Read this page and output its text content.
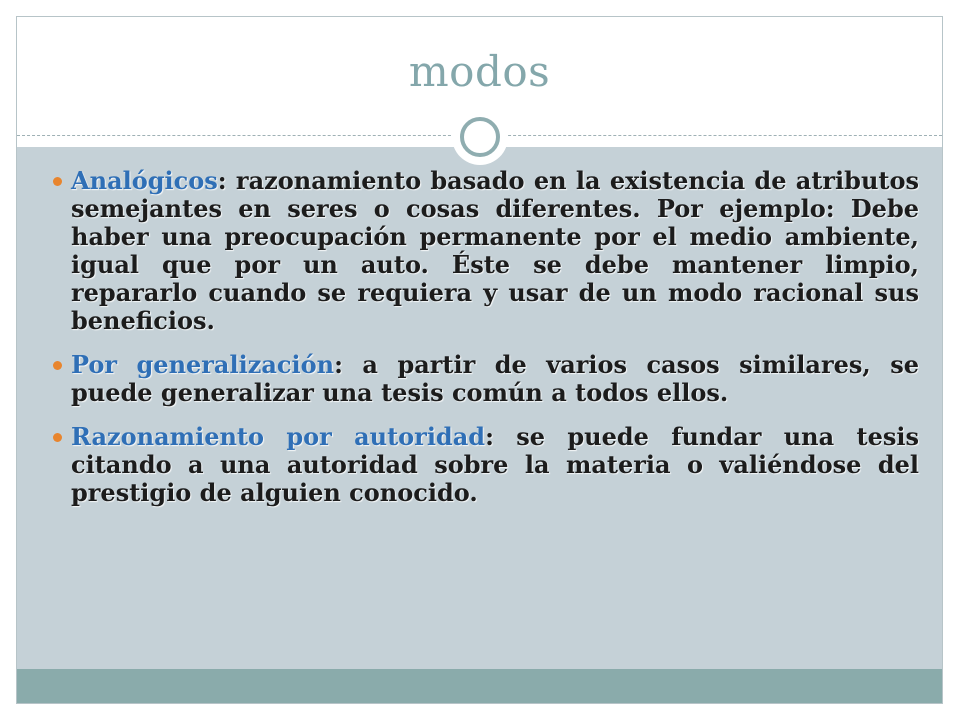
modos
Analógicos: razonamiento basado en la existencia de atributos semejantes en seres o cosas diferentes. Por ejemplo: Debe haber una preocupación permanente por el medio ambiente, igual que por un auto. Éste se debe mantener limpio, repararlo cuando se requiera y usar de un modo racional sus beneficios.
Por generalización: a partir de varios casos similares, se puede generalizar una tesis común a todos ellos.
Razonamiento por autoridad: se puede fundar una tesis citando a una autoridad sobre la materia o valiéndose del prestigio de alguien conocido.
